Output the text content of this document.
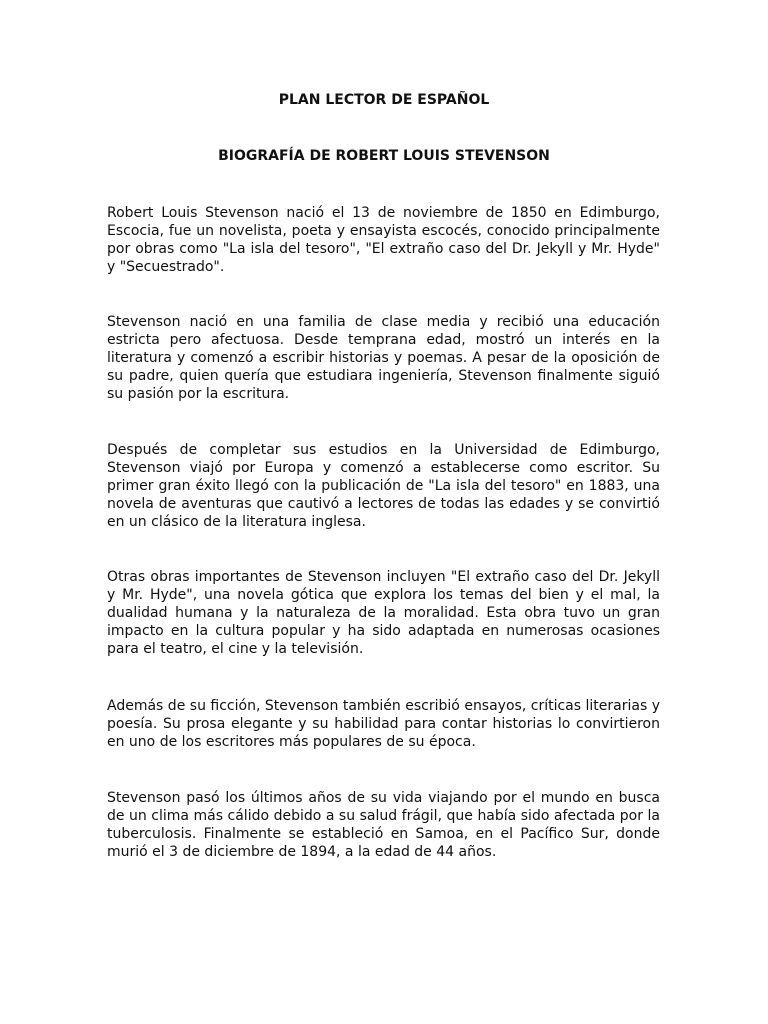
PLAN LECTOR DE ESPAÑOL
BIOGRAFÍA DE ROBERT LOUIS STEVENSON

Robert Louis Stevenson nació el 13 de noviembre de 1850 en Edimburgo, Escocia, fue un novelista, poeta y ensayista escocés, conocido principalmente por obras como "La isla del tesoro", "El extraño caso del Dr. Jekyll y Mr. Hyde" y "Secuestrado".

Stevenson nació en una familia de clase media y recibió una educación estricta pero afectuosa. Desde temprana edad, mostró un interés en la literatura y comenzó a escribir historias y poemas. A pesar de la oposición de su padre, quien quería que estudiara ingeniería, Stevenson finalmente siguió su pasión por la escritura.

Después de completar sus estudios en la Universidad de Edimburgo, Stevenson viajó por Europa y comenzó a establecerse como escritor. Su primer gran éxito llegó con la publicación de "La isla del tesoro" en 1883, una novela de aventuras que cautivó a lectores de todas las edades y se convirtió en un clásico de la literatura inglesa.

Otras obras importantes de Stevenson incluyen "El extraño caso del Dr. Jekyll y Mr. Hyde", una novela gótica que explora los temas del bien y el mal, la dualidad humana y la naturaleza de la moralidad. Esta obra tuvo un gran impacto en la cultura popular y ha sido adaptada en numerosas ocasiones para el teatro, el cine y la televisión.

Además de su ficción, Stevenson también escribió ensayos, críticas literarias y poesía. Su prosa elegante y su habilidad para contar historias lo convirtieron en uno de los escritores más populares de su época.

Stevenson pasó los últimos años de su vida viajando por el mundo en busca de un clima más cálido debido a su salud frágil, que había sido afectada por la tuberculosis. Finalmente se estableció en Samoa, en el Pacífico Sur, donde murió el 3 de diciembre de 1894, a la edad de 44 años.
